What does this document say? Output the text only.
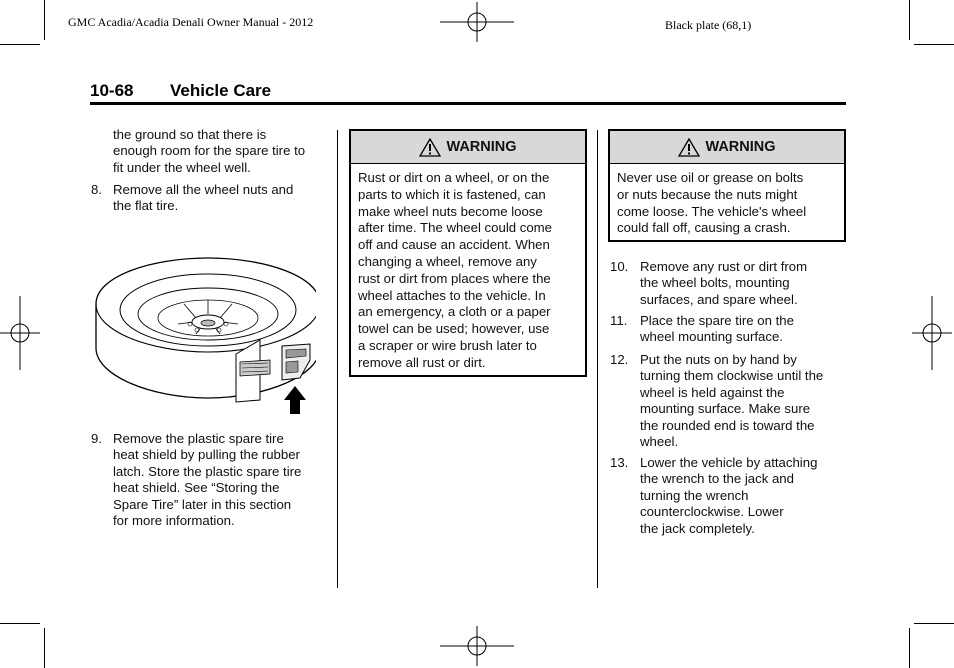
GMC Acadia/Acadia Denali Owner Manual - 2012	Black plate (68,1)
10-68 Vehicle Care
the ground so that there is
enough room for the spare tire to
fit under the wheel well.
8. Remove all the wheel nuts and
the flat tire.
9. Remove the plastic spare tire
heat shield by pulling the rubber
latch. Store the plastic spare tire
heat shield. See “Storing the
Spare Tire” later in this section
for more information.
WARNING
Rust or dirt on a wheel, or on the
parts to which it is fastened, can
make wheel nuts become loose
after time. The wheel could come
off and cause an accident. When
changing a wheel, remove any
rust or dirt from places where the
wheel attaches to the vehicle. In
an emergency, a cloth or a paper
towel can be used; however, use
a scraper or wire brush later to
remove all rust or dirt.
WARNING
Never use oil or grease on bolts
or nuts because the nuts might
come loose. The vehicle's wheel
could fall off, causing a crash.
10. Remove any rust or dirt from
the wheel bolts, mounting
surfaces, and spare wheel.
11. Place the spare tire on the
wheel mounting surface.
12. Put the nuts on by hand by
turning them clockwise until the
wheel is held against the
mounting surface. Make sure
the rounded end is toward the
wheel.
13. Lower the vehicle by attaching
the wrench to the jack and
turning the wrench
counterclockwise. Lower
the jack completely.
